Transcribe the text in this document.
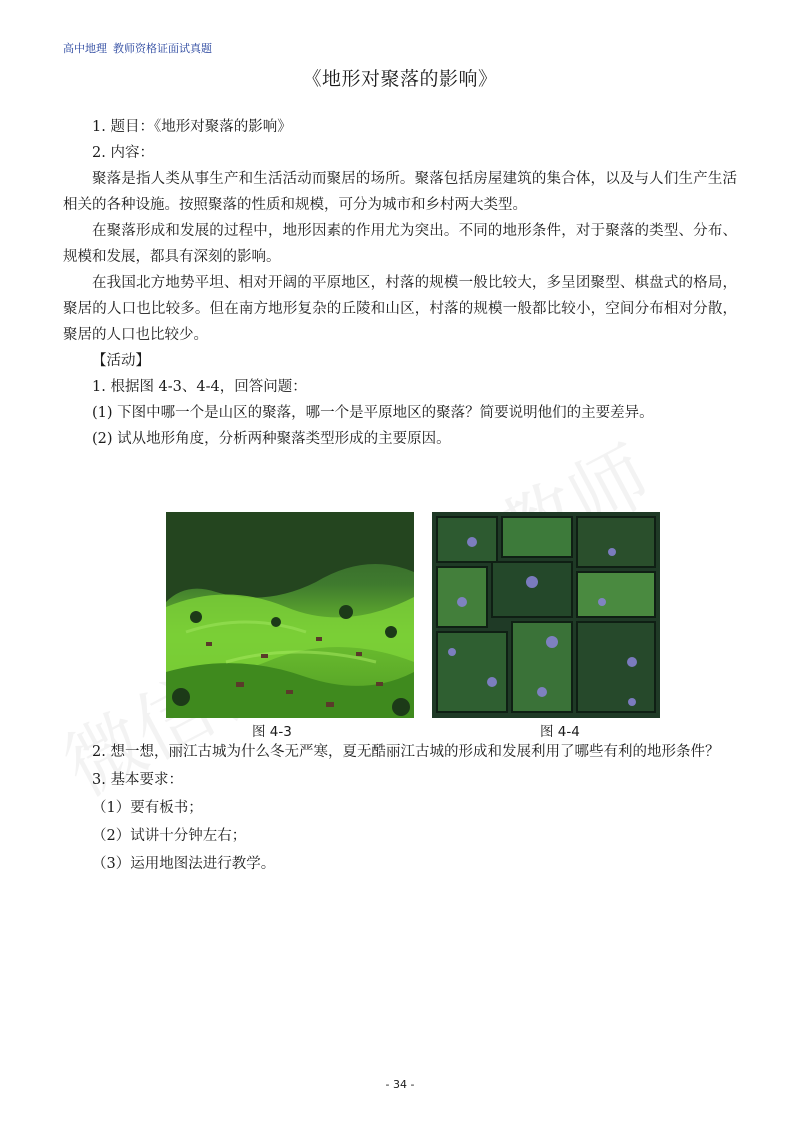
高中地理 教师资格证面试真题
《地形对聚落的影响》

1. 题目：《地形对聚落的影响》

2. 内容：

聚落是指人类从事生产和生活活动而聚居的场所。聚落包括房屋建筑的集合体，以及与人们生产生活相关的各种设施。按照聚落的性质和规模，可分为城市和乡村两大类型。

在聚落形成和发展的过程中，地形因素的作用尤为突出。不同的地形条件，对于聚落的类型、分布、规模和发展，都具有深刻的影响。

在我国北方地势平坦、相对开阔的平原地区，村落的规模一般比较大，多呈团聚型、棋盘式的格局，聚居的人口也比较多。但在南方地形复杂的丘陵和山区，村落的规模一般都比较小，空间分布相对分散，聚居的人口也比较少。

【活动】

1. 根据图 4-3、4-4，回答问题：

(1) 下图中哪一个是山区的聚落，哪一个是平原地区的聚落？简要说明他们的主要差异。

(2) 试从地形角度，分析两种聚落类型形成的主要原因。

图 4-3	图 4-4

2. 想一想，丽江古城为什么冬无严寒，夏无酷丽江古城的形成和发展利用了哪些有利的地形条件？

3. 基本要求：

（1）要有板书；

（2）试讲十分钟左右；

（3）运用地图法进行教学。

- 34 -
